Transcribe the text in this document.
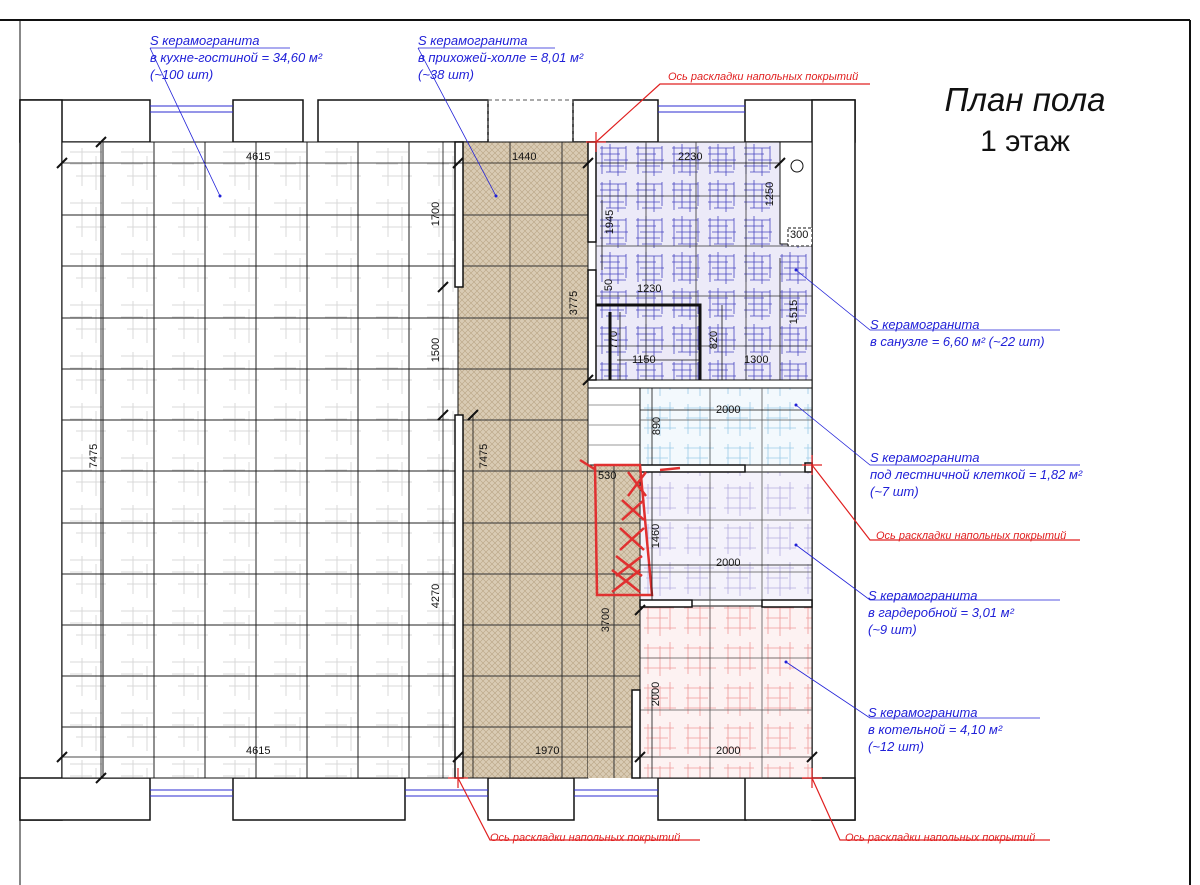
План пола
1 этаж
S керамогранита
в кухне-гостиной = 34,60 м²
(~100 шт)
S керамогранита
в прихожей-холле = 8,01 м²
(~38 шт)
S керамогранита
в санузле = 6,60 м² (~22 шт)
S керамогранита
под лестничной клеткой = 1,82 м²
(~7 шт)
S керамогранита
в гардеробной = 3,01 м²
(~9 шт)
S керамогранита
в котельной = 4,10 м²
(~12 шт)
Ось раскладки напольных покрытий
Ось раскладки напольных покрытий
Ось раскладки напольных покрытий	Ось раскладки напольных покрытий
4615
4615
7475
1440
1970
7475
1700
1500
4270
3775
3700
2230
1250
300
1945
1230
50
1515
770	820
1150	1300
2000
890
530
1460
2000
2000
2000
